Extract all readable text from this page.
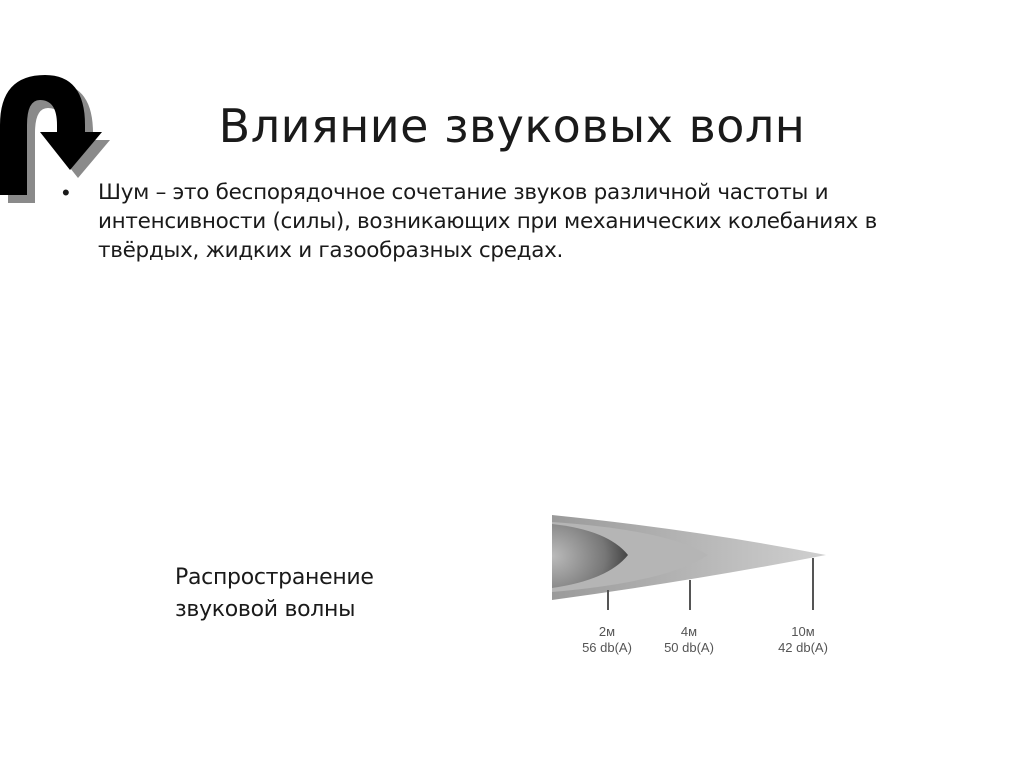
Влияние звуковых волн
• Шум – это беспорядочное сочетание звуков различной частоты и интенсивности (силы), возникающих при механических колебаниях в твёрдых, жидких и газообразных средах.
Распространение
звуковой волны
2м
56 db(A)
4м
50 db(A)
10м
42 db(A)
